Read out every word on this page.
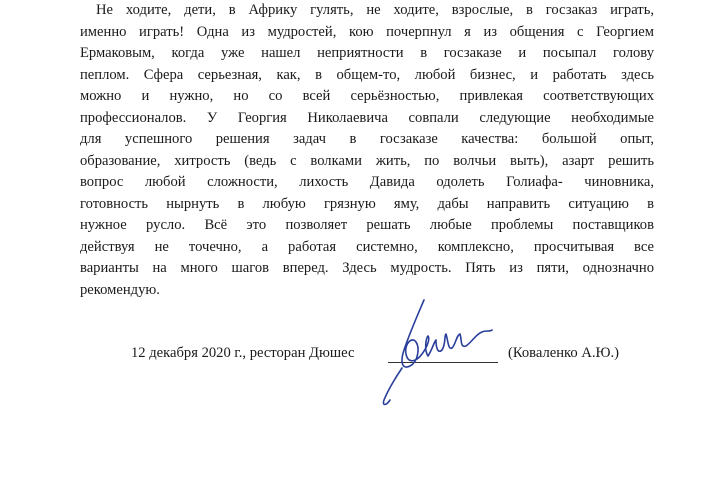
Не ходите, дети, в Африку гулять, не ходите, взрослые, в госзаказ играть,
именно играть! Одна из мудростей, кою почерпнул я из общения с Георгием
Ермаковым, когда уже нашел неприятности в госзаказе и посыпал голову
пеплом. Сфера серьезная, как, в общем-то, любой бизнес, и работать здесь
можно и нужно, но со всей серьёзностью, привлекая соответствующих
профессионалов. У Георгия Николаевича совпали следующие необходимые
для успешного решения задач в госзаказе качества: большой опыт,
образование, хитрость (ведь с волками жить, по волчьи выть), азарт решить
вопрос любой сложности, лихость Давида одолеть Голиафа- чиновника,
готовность нырнуть в любую грязную яму, дабы направить ситуацию в
нужное русло. Всё это позволяет решать любые проблемы поставщиков
действуя не точечно, а работая системно, комплексно, просчитывая все
варианты на много шагов вперед. Здесь мудрость. Пять из пяти, однозначно
рекомендую.
12 декабря 2020 г., ресторан Дюшес	(Коваленко А.Ю.)
